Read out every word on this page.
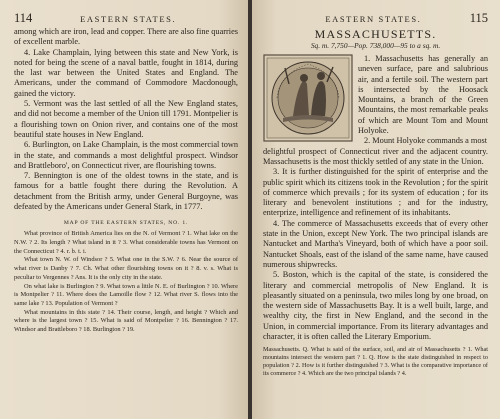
114	EASTERN STATES.

among which are iron, lead and copper. There are also fine quarries of excellent marble.

4. Lake Champlain, lying between this state and New York, is noted for being the scene of a naval battle, fought in 1814, during the last war between the United States and England. The Americans, under the command of Commodore Macdonough, gained the victory.

5. Vermont was the last settled of all the New England states, and did not become a member of the Union till 1791. Montpelier is a flourishing town on Onion river, and contains one of the most beautiful state houses in New England.

6. Burlington, on Lake Champlain, is the most commercial town in the state, and commands a most delightful prospect. Windsor and Brattleboro', on Connecticut river, are flourishing towns.

7. Bennington is one of the oldest towns in the state, and is famous for a battle fought there during the Revolution. A detachment from the British army, under General Burgoyne, was defeated by the Americans under General Stark, in 1777.

MAP OF THE EASTERN STATES, NO. 1.

What province of British America lies on the N. of Vermont ? 1. What lake on the N.W. ? 2. Its length ? What island in it ? 3. What considerable towns has Vermont on the Connecticut ? 4. r. b. t. i.

What town N. W. of Windsor ? 5. What one in the S.W. ? 6. Near the source of what river is Danby ? 7. Ch. What other flourishing towns on it ? 8. v. s. What is peculiar to Vergennes ? Ans. It is the only city in the state.

On what lake is Burlington ? 9. What town a little N. E. of Burlington ? 10. Where is Montpelier ? 11. Where does the Lamoille flow ? 12. What river S. flows into the same lake ? 13. Population of Vermont ?

What mountains in this state ? 14. Their course, length, and height ? Which and where is the largest town ? 15. What is said of Montpelier ? 16. Bennington ? 17. Windsor and Brattleboro ? 18. Burlington ? 19.

EASTERN STATES.	115
MASSACHUSETTS.
Sq. m. 7,750—Pop. 738,000—95 to a sq. m.

1. Massachusetts has generally an uneven surface, pare and salubrious air, and a fertile soil. The western part is intersected by the Hoosack Mountains, a branch of the Green Mountains, the most remarkable peaks of which are Mount Tom and Mount Holyoke.

2. Mount Holyoke commands a most

delightful prospect of Connecticut river and the adjacent country. Massachusetts is the most thickly settled of any state in the Union.

3. It is further distinguished for the spirit of enterprise and the public spirit which its citizens took in the Revolution ; for the spirit of commerce which prevails ; for its system of education ; for its literary and benevolent institutions ; and for the industry, enterprize, intelligence and refinement of its inhabitants.

4. The commerce of Massachusetts exceeds that of every other state in the Union, except New York. The two principal islands are Nantucket and Martha's Vineyard, both of which have a poor soil. Nantucket Shoals, east of the island of the same name, have caused numerous shipwrecks.

5. Boston, which is the capital of the state, is considered the literary and commercial metropolis of New England. It is pleasantly situated on a peninsula, two miles long by one broad, on the western side of Massachusetts Bay. It is a well built, large, and wealthy city, the first in New England, and the second in the Union, in commercial importance. From its literary advantages and character, it is often called the Literary Emporium.

Massachusetts. Q. What is said of the surface, soil, and air of Massachusetts ? 1. What mountains intersect the western part ? 1. Q. How is the state distinguished in respect to population ? 2. How is it further distinguished ? 3. What is the comparative importance of its commerce ? 4. Which are the two principal islands ? 4.
